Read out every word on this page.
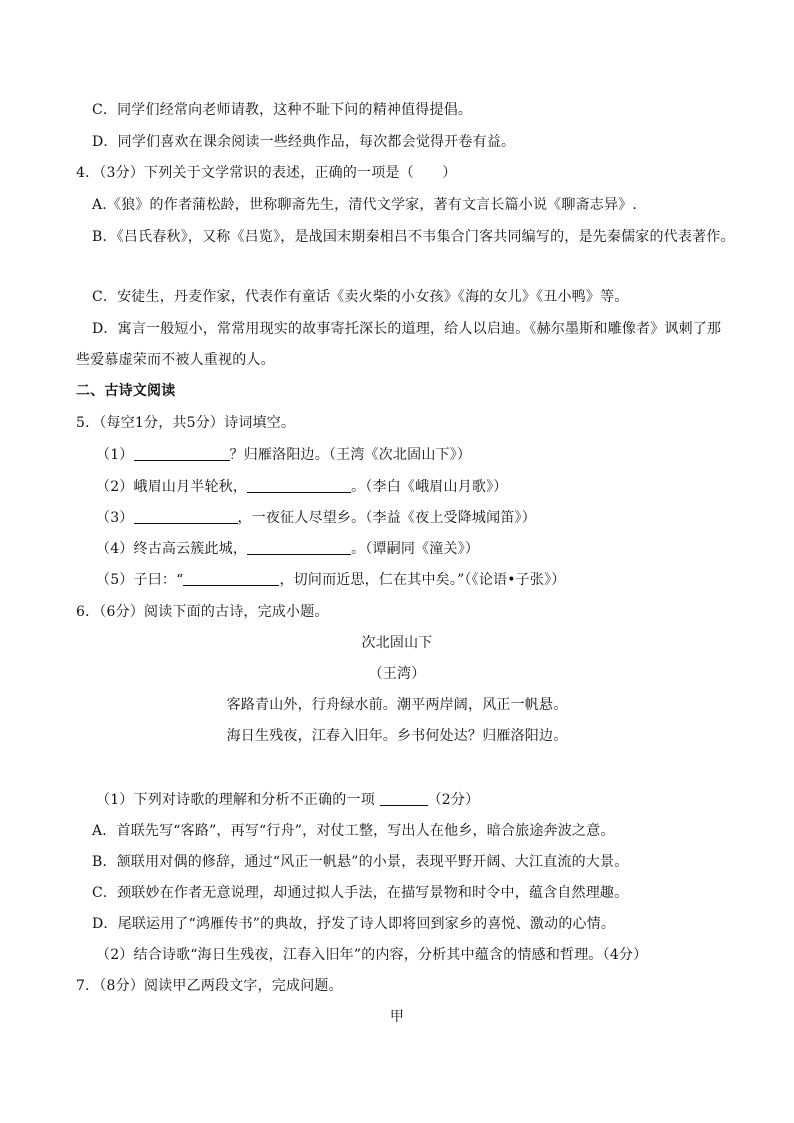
C．同学们经常向老师请教，这种不耻下问的精神值得提倡。
D．同学们喜欢在课余阅读一些经典作品，每次都会觉得开卷有益。
4．（3分）下列关于文学常识的表述，正确的一项是（　　）
A.《狼》的作者蒲松龄，世称聊斋先生，清代文学家，著有文言长篇小说《聊斋志异》.
B．《吕氏春秋》，又称《吕览》，是战国末期秦相吕不韦集合门客共同编写的，是先秦儒家的代表著作。
C．安徒生，丹麦作家，代表作有童话《卖火柴的小女孩》《海的女儿》《丑小鸭》等。
D．寓言一般短小，常常用现实的故事寄托深长的道理，给人以启迪。《赫尔墨斯和雕像者》讽刺了那
些爱慕虚荣而不被人重视的人。
二、古诗文阅读
5．（每空1分，共5分）诗词填空。
（1）	？归雁洛阳边。（王湾《次北固山下》）
（2）峨眉山月半轮秋，	。（李白《峨眉山月歌》）
（3）	，一夜征人尽望乡。（李益《夜上受降城闻笛》）
（4）终古高云簇此城，	。（谭嗣同《潼关》）
（5）子曰：“	，切问而近思，仁在其中矣。”（《论语•子张》）
6．（6分）阅读下面的古诗，完成小题。
次北固山下
（王湾）
客路青山外，行舟绿水前。潮平两岸阔，风正一帆悬。
海日生残夜，江春入旧年。乡书何处达？归雁洛阳边。
（1）下列对诗歌的理解和分析不正确的一项	（2分）
A．首联先写“客路”，再写“行舟”，对仗工整，写出人在他乡，暗合旅途奔波之意。
B．颔联用对偶的修辞，通过“风正一帆悬”的小景，表现平野开阔、大江直流的大景。
C．颈联妙在作者无意说理，却通过拟人手法，在描写景物和时令中，蕴含自然理趣。
D．尾联运用了“鸿雁传书”的典故，抒发了诗人即将回到家乡的喜悦、激动的心情。
（2）结合诗歌“海日生残夜，江春入旧年”的内容，分析其中蕴含的情感和哲理。（4分）
7．（8分）阅读甲乙两段文字，完成问题。
甲
